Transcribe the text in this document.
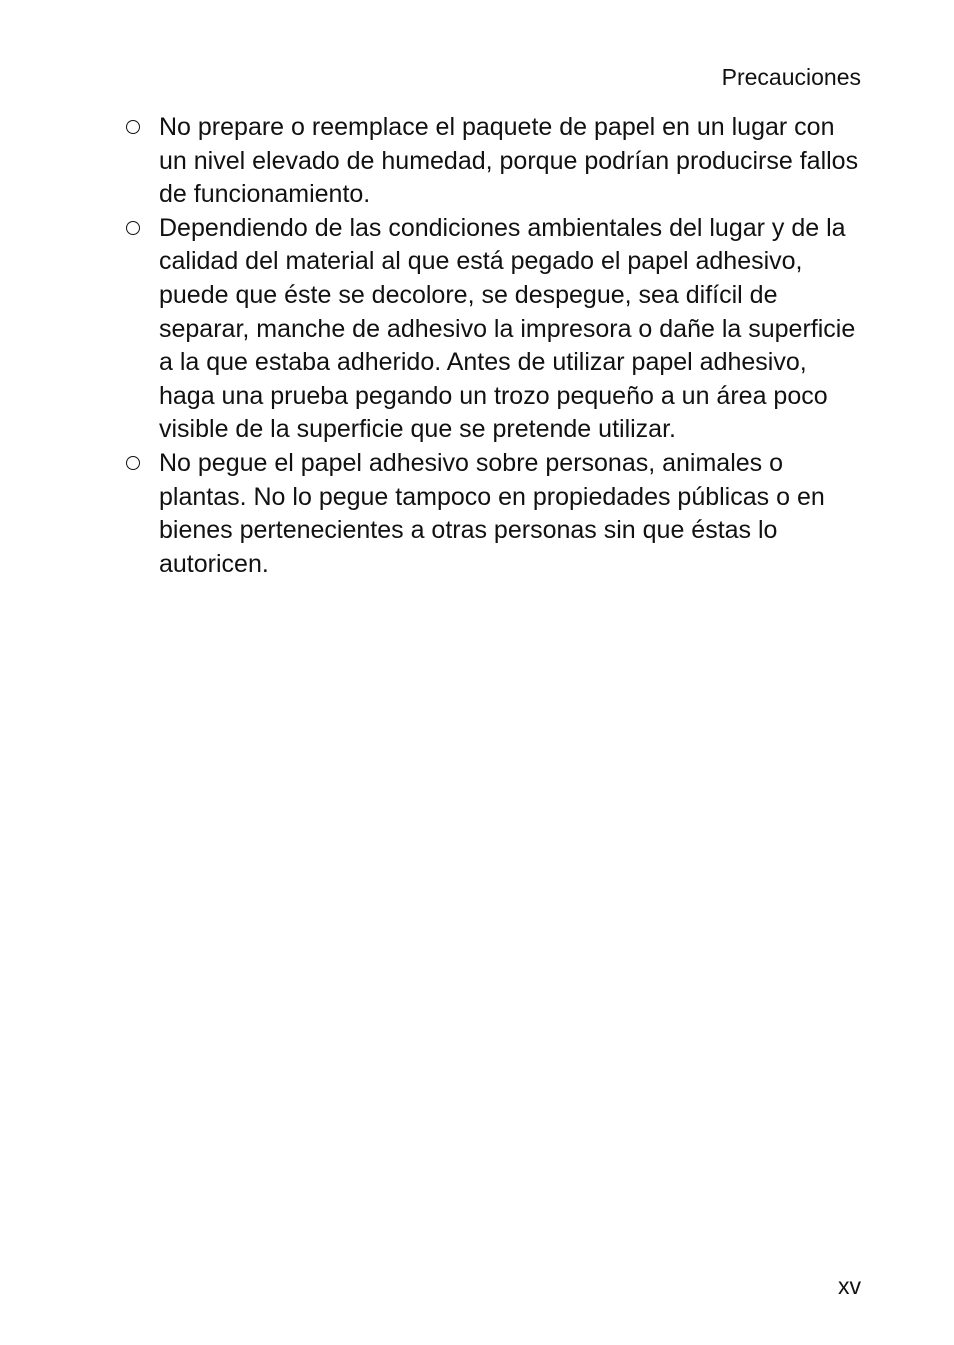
Precauciones
No prepare o reemplace el paquete de papel en un lugar con un nivel elevado de humedad, porque podrían producirse fallos de funcionamiento.
Dependiendo de las condiciones ambientales del lugar y de la calidad del material al que está pegado el papel adhesivo, puede que éste se decolore, se despegue, sea difícil de separar, manche de adhesivo la impresora o dañe la superficie a la que estaba adherido. Antes de utilizar papel adhesivo, haga una prueba pegando un trozo pequeño a un área poco visible de la superficie que se pretende utilizar.
No pegue el papel adhesivo sobre personas, animales o plantas. No lo pegue tampoco en propiedades públicas o en bienes pertenecientes a otras personas sin que éstas lo autoricen.
xv
